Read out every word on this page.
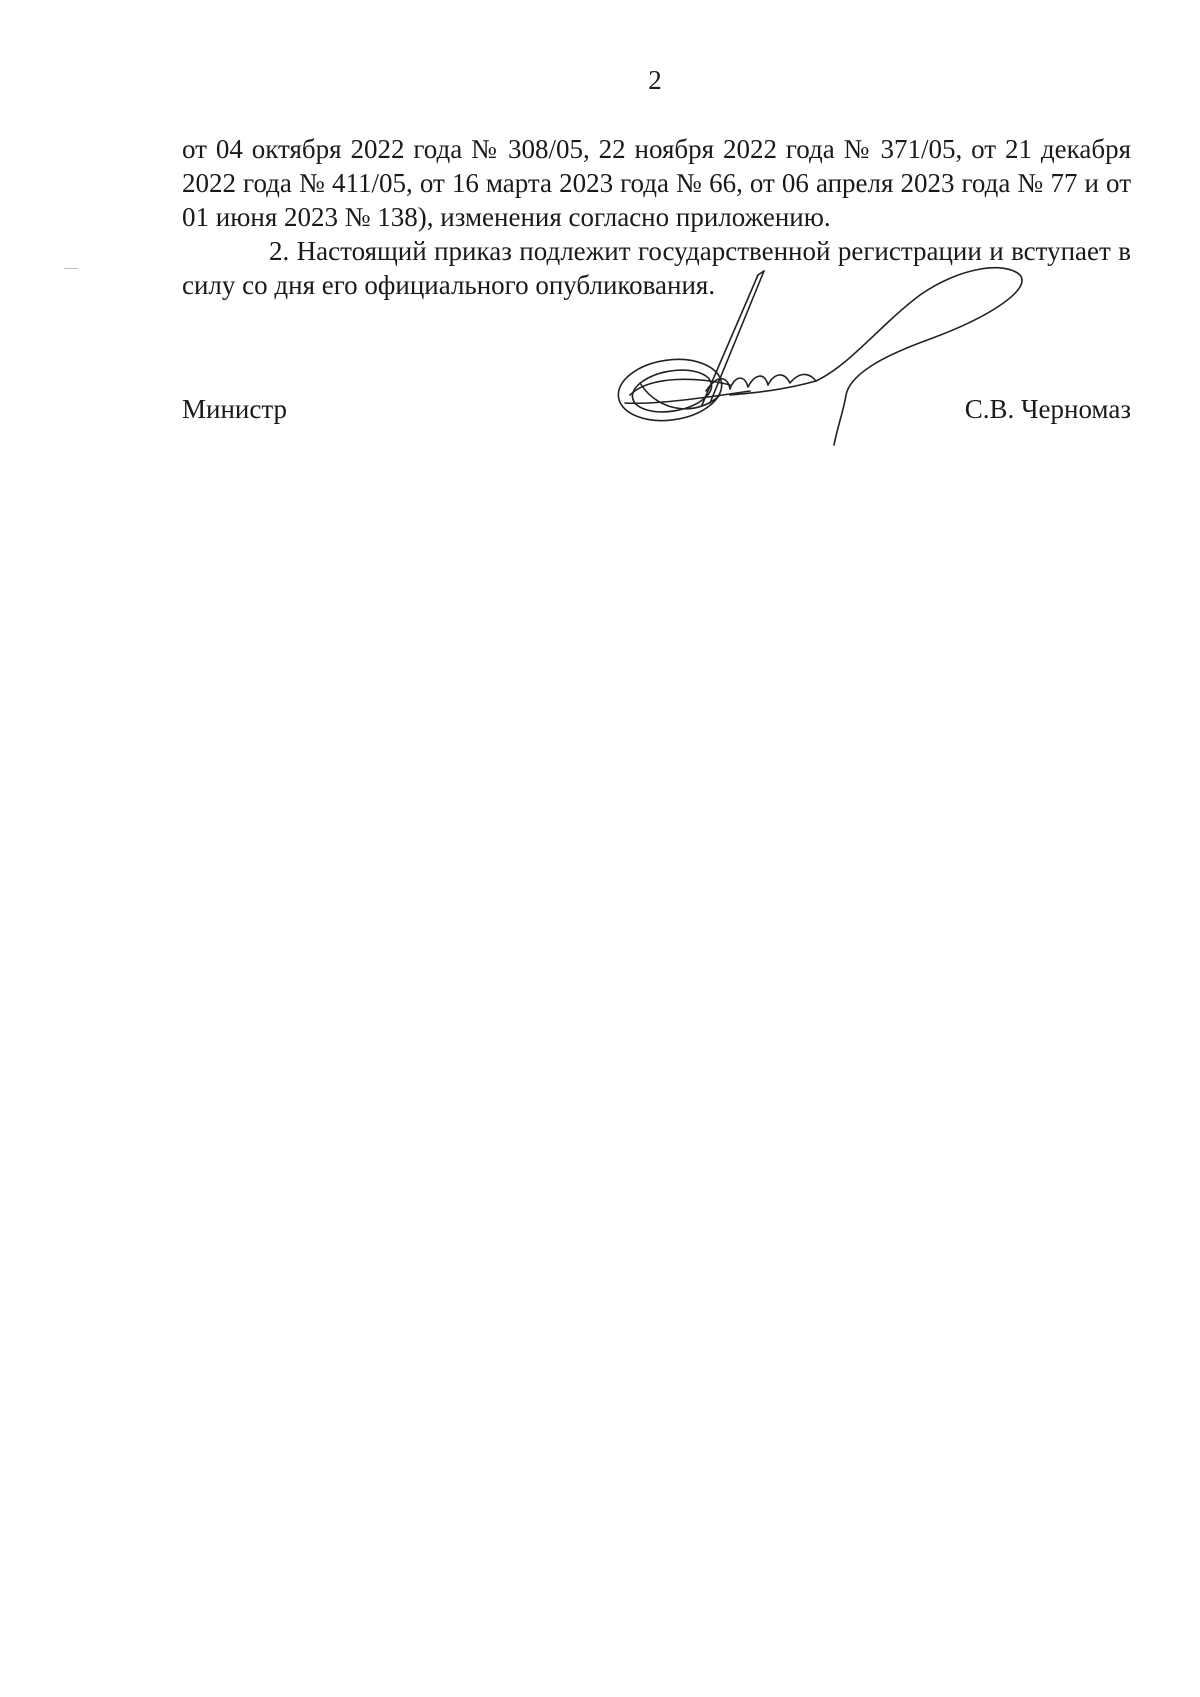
2

от 04 октября 2022 года № 308/05, 22 ноября 2022 года № 371/05, от 21 декабря 2022 года № 411/05, от 16 марта 2023 года № 66, от 06 апреля 2023 года № 77 и от 01 июня 2023 № 138), изменения согласно приложению.

2. Настоящий приказ подлежит государственной регистрации и вступает в силу со дня его официального опубликования.

Министр	С.В. Черномаз
